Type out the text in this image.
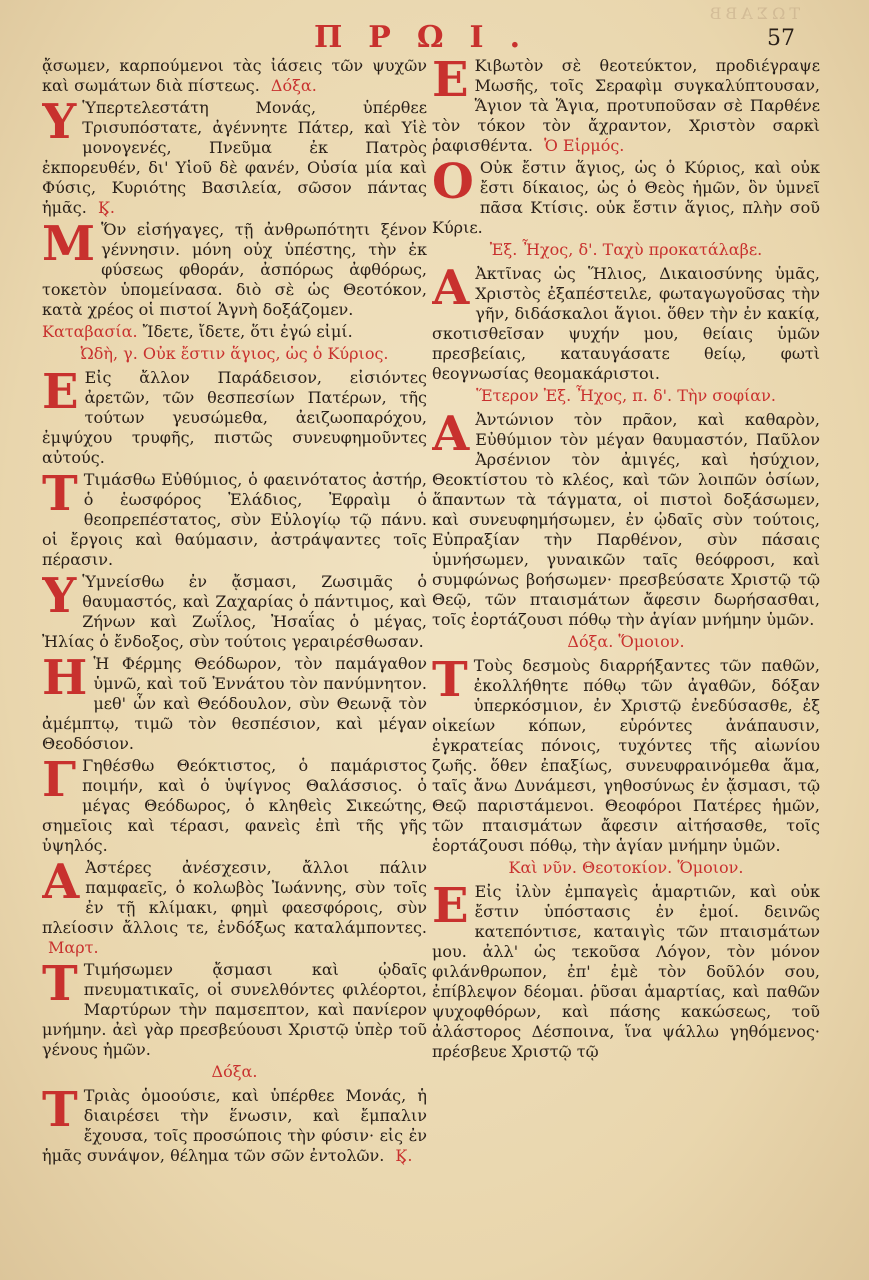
ΤΩΣΑΒΒ
ΠΡΩΙ.	57
ᾄσωμεν, καρπούμενοι τὰς ἰάσεις τῶν ψυχῶν καὶ σωμάτων διὰ πίστεως. Δόξα.
Υ Ὑπερτελεστάτη Μονάς, ὑπέρθεε Τρισυπόστατε, ἀγέννητε Πάτερ, καὶ Υἱὲ μονογενές, Πνεῦμα ἐκ Πατρὸς ἐκπορευθέν, δι' Υἱοῦ δὲ φανέν, Οὐσία μία καὶ Φύσις, Κυριότης Βασιλεία, σῶσον πάντας ἡμᾶς. Ϗ.
Μ Ὅν εἰσήγαγες, τῇ ἀνθρωπότητι ξένον γέννησιν. μόνη οὐχ ὑπέστης, τὴν ἐκ φύσεως φθοράν, ἀσπόρως ἀφθόρως, τοκετὸν ὑπομείνασα. διὸ σὲ ὡς Θεοτόκον, κατὰ χρέος οἱ πιστοί Ἁγνὴ δοξάζομεν.
Καταβασία. Ἴδετε, ἴδετε, ὅτι ἐγώ εἰμί.
Ὠδὴ, γ. Οὐκ ἔστιν ἅγιος, ὡς ὁ Κύριος.
Ε Εἰς ἄλλον Παράδεισον, εἰσιόντες ἀρετῶν, τῶν θεσπεσίων Πατέρων, τῆς τούτων γευσώμεθα, ἀειζωοπαρόχου, ἐμψύχου τρυφῆς, πιστῶς συνευφημοῦντες αὐτούς.
Τ Τιμάσθω Εὐθύμιος, ὁ φαεινότατος ἀστήρ, ὁ ἑωσφόρος Ἐλάδιος, Ἐφραὶμ ὁ θεοπρεπέστατος, σὺν Εὐλογίῳ τῷ πάνυ. οἱ ἔργοις καὶ θαύμασιν, ἀστράψαντες τοῖς πέρασιν.
Υ Ὑμνείσθω ἐν ᾄσμασι, Ζωσιμᾶς ὁ θαυμαστός, καὶ Ζαχαρίας ὁ πάντιμος, καὶ Ζήνων καὶ Ζωΐλος, Ἠσαΐας ὁ μέγας, Ἠλίας ὁ ἔνδοξος, σὺν τούτοις γεραιρέσθωσαν.
Η Ἡ Φέρμης Θεόδωρον, τὸν παμάγαθον ὑμνῶ, καὶ τοῦ Ἐννάτου τὸν πανύμνητον. μεθ' ὧν καὶ Θεόδουλον, σὺν Θεωνᾷ τὸν ἀμέμπτῳ, τιμῶ τὸν θεσπέσιον, καὶ μέγαν Θεοδόσιον.
Γ Γηθέσθω Θεόκτιστος, ὁ παμάριστος ποιμήν, καὶ ὁ ὑψίγνος Θαλάσσιος. ὁ μέγας Θεόδωρος, ὁ κληθεὶς Σικεώτης, σημεῖοις καὶ τέρασι, φανεὶς ἐπὶ τῆς γῆς ὑψηλός.
Α Ἀστέρες ἀνέσχεσιν, ἄλλοι πάλιν παμφαεῖς, ὁ κολωβὸς Ἰωάννης, σὺν τοῖς ἐν τῇ κλίμακι, φημὶ φαεσφόροις, σὺν πλείοσιν ἄλλοις τε, ἐνδόξως καταλάμποντες. Μαρτ.
Τ Τιμήσωμεν ᾄσμασι καὶ ᾠδαῖς πνευματικαῖς, οἱ συνελθόντες φιλέορτοι, Μαρτύρων τὴν παμσεπτον, καὶ πανίερον μνήμην. ἀεὶ γὰρ πρεσβεύουσι Χριστῷ ὑπὲρ τοῦ γένους ἡμῶν.
Δόξα.
Τ Τριὰς ὁμοούσιε, καὶ ὑπέρθεε Μονάς, ἡ διαιρέσει τὴν ἕνωσιν, καὶ ἔμπαλιν ἔχουσα, τοῖς προσώποις τὴν φύσιν· εἰς ἐν ἡμᾶς συνάψον, θέλημα τῶν σῶν ἐντολῶν. Ϗ.
Ε Κιβωτὸν σὲ θεοτεύκτον, προδιέγραψε Μωσῆς, τοῖς Σεραφὶμ συγκαλύπτουσαν, Ἅγιον τὰ Ἅγια, προτυποῦσαν σὲ Παρθένε τὸν τόκον τὸν ἄχραντον, Χριστὸν σαρκὶ ῥαφισθέντα. Ὁ Εἱρμός.
Ο Οὐκ ἔστιν ἅγιος, ὡς ὁ Κύριος, καὶ οὐκ ἔστι δίκαιος, ὡς ὁ Θεὸς ἡμῶν, ὃν ὑμνεῖ πᾶσα Κτίσις. οὐκ ἔστιν ἅγιος, πλὴν σοῦ Κύριε.
Ἐξ. Ἦχος, δ'. Ταχὺ προκατάλαβε.
Α Ἀκτῖνας ὡς Ἥλιος, Δικαιοσύνης ὑμᾶς, Χριστὸς ἐξαπέστειλε, φωταγωγοῦσας τὴν γῆν, διδάσκαλοι ἅγιοι. ὅθεν τὴν ἐν κακίᾳ, σκοτισθεῖσαν ψυχήν μου, θείαις ὑμῶν πρεσβείαις, καταυγάσατε θείῳ, φωτὶ θεογνωσίας θεομακάριστοι.
Ἕτερον Ἐξ. Ἦχος, π. δ'. Τὴν σοφίαν.
Α Ἀντώνιον τὸν πρᾶον, καὶ καθαρὸν, Εὐθύμιον τὸν μέγαν θαυμαστόν, Παῦλον Ἀρσένιον τὸν ἀμιγές, καὶ ἡσύχιον, Θεοκτίστου τὸ κλέος, καὶ τῶν λοιπῶν ὁσίων, ἅπαντων τὰ τάγματα, οἱ πιστοὶ δοξάσωμεν, καὶ συνευφημήσωμεν, ἐν ᾠδαῖς σὺν τούτοις, Εὐπραξίαν τὴν Παρθένον, σὺν πάσαις ὑμνήσωμεν, γυναικῶν ταῖς θεόφροσι, καὶ συμφώνως βοήσωμεν· πρεσβεύσατε Χριστῷ τῷ Θεῷ, τῶν πταισμάτων ἄφεσιν δωρήσασθαι, τοῖς ἑορτάζουσι πόθῳ τὴν ἁγίαν μνήμην ὑμῶν.
Δόξα. Ὅμοιον.
Τ Τοὺς δεσμοὺς διαρρήξαντες τῶν παθῶν, ἐκολλήθητε πόθῳ τῶν ἀγαθῶν, δόξαν ὑπερκόσμιον, ἐν Χριστῷ ἐνεδύσασθε, ἐξ οἰκείων κόπων, εὑρόντες ἀνάπαυσιν, ἐγκρατείας πόνοις, τυχόντες τῆς αἰωνίου ζωῆς. ὅθεν ἐπαξίως, συνευφραινόμεθα ἅμα, ταῖς ἄνω Δυνάμεσι, γηθοσύνως ἐν ᾄσμασι, τῷ Θεῷ παριστάμενοι. Θεοφόροι Πατέρες ἡμῶν, τῶν πταισμάτων ἄφεσιν αἰτήσασθε, τοῖς ἑορτάζουσι πόθῳ, τὴν ἁγίαν μνήμην ὑμῶν.
Καὶ νῦν. Θεοτοκίον. Ὅμοιον.
Ε Εἰς ἰλὺν ἐμπαγεὶς ἁμαρτιῶν, καὶ οὐκ ἔστιν ὑπόστασις ἐν ἐμοί. δεινῶς κατεπόντισε, καταιγὶς τῶν πταισμάτων μου. ἀλλ' ὡς τεκοῦσα Λόγον, τὸν μόνον φιλάνθρωπον, ἐπ' ἐμὲ τὸν δοῦλόν σου, ἐπίβλεψον δέομαι. ῥῦσαι ἁμαρτίας, καὶ παθῶν ψυχοφθόρων, καὶ πάσης κακώσεως, τοῦ ἀλάστορος Δέσποινα, ἵνα ψάλλω γηθόμενος· πρέσβευε Χριστῷ τῷ
